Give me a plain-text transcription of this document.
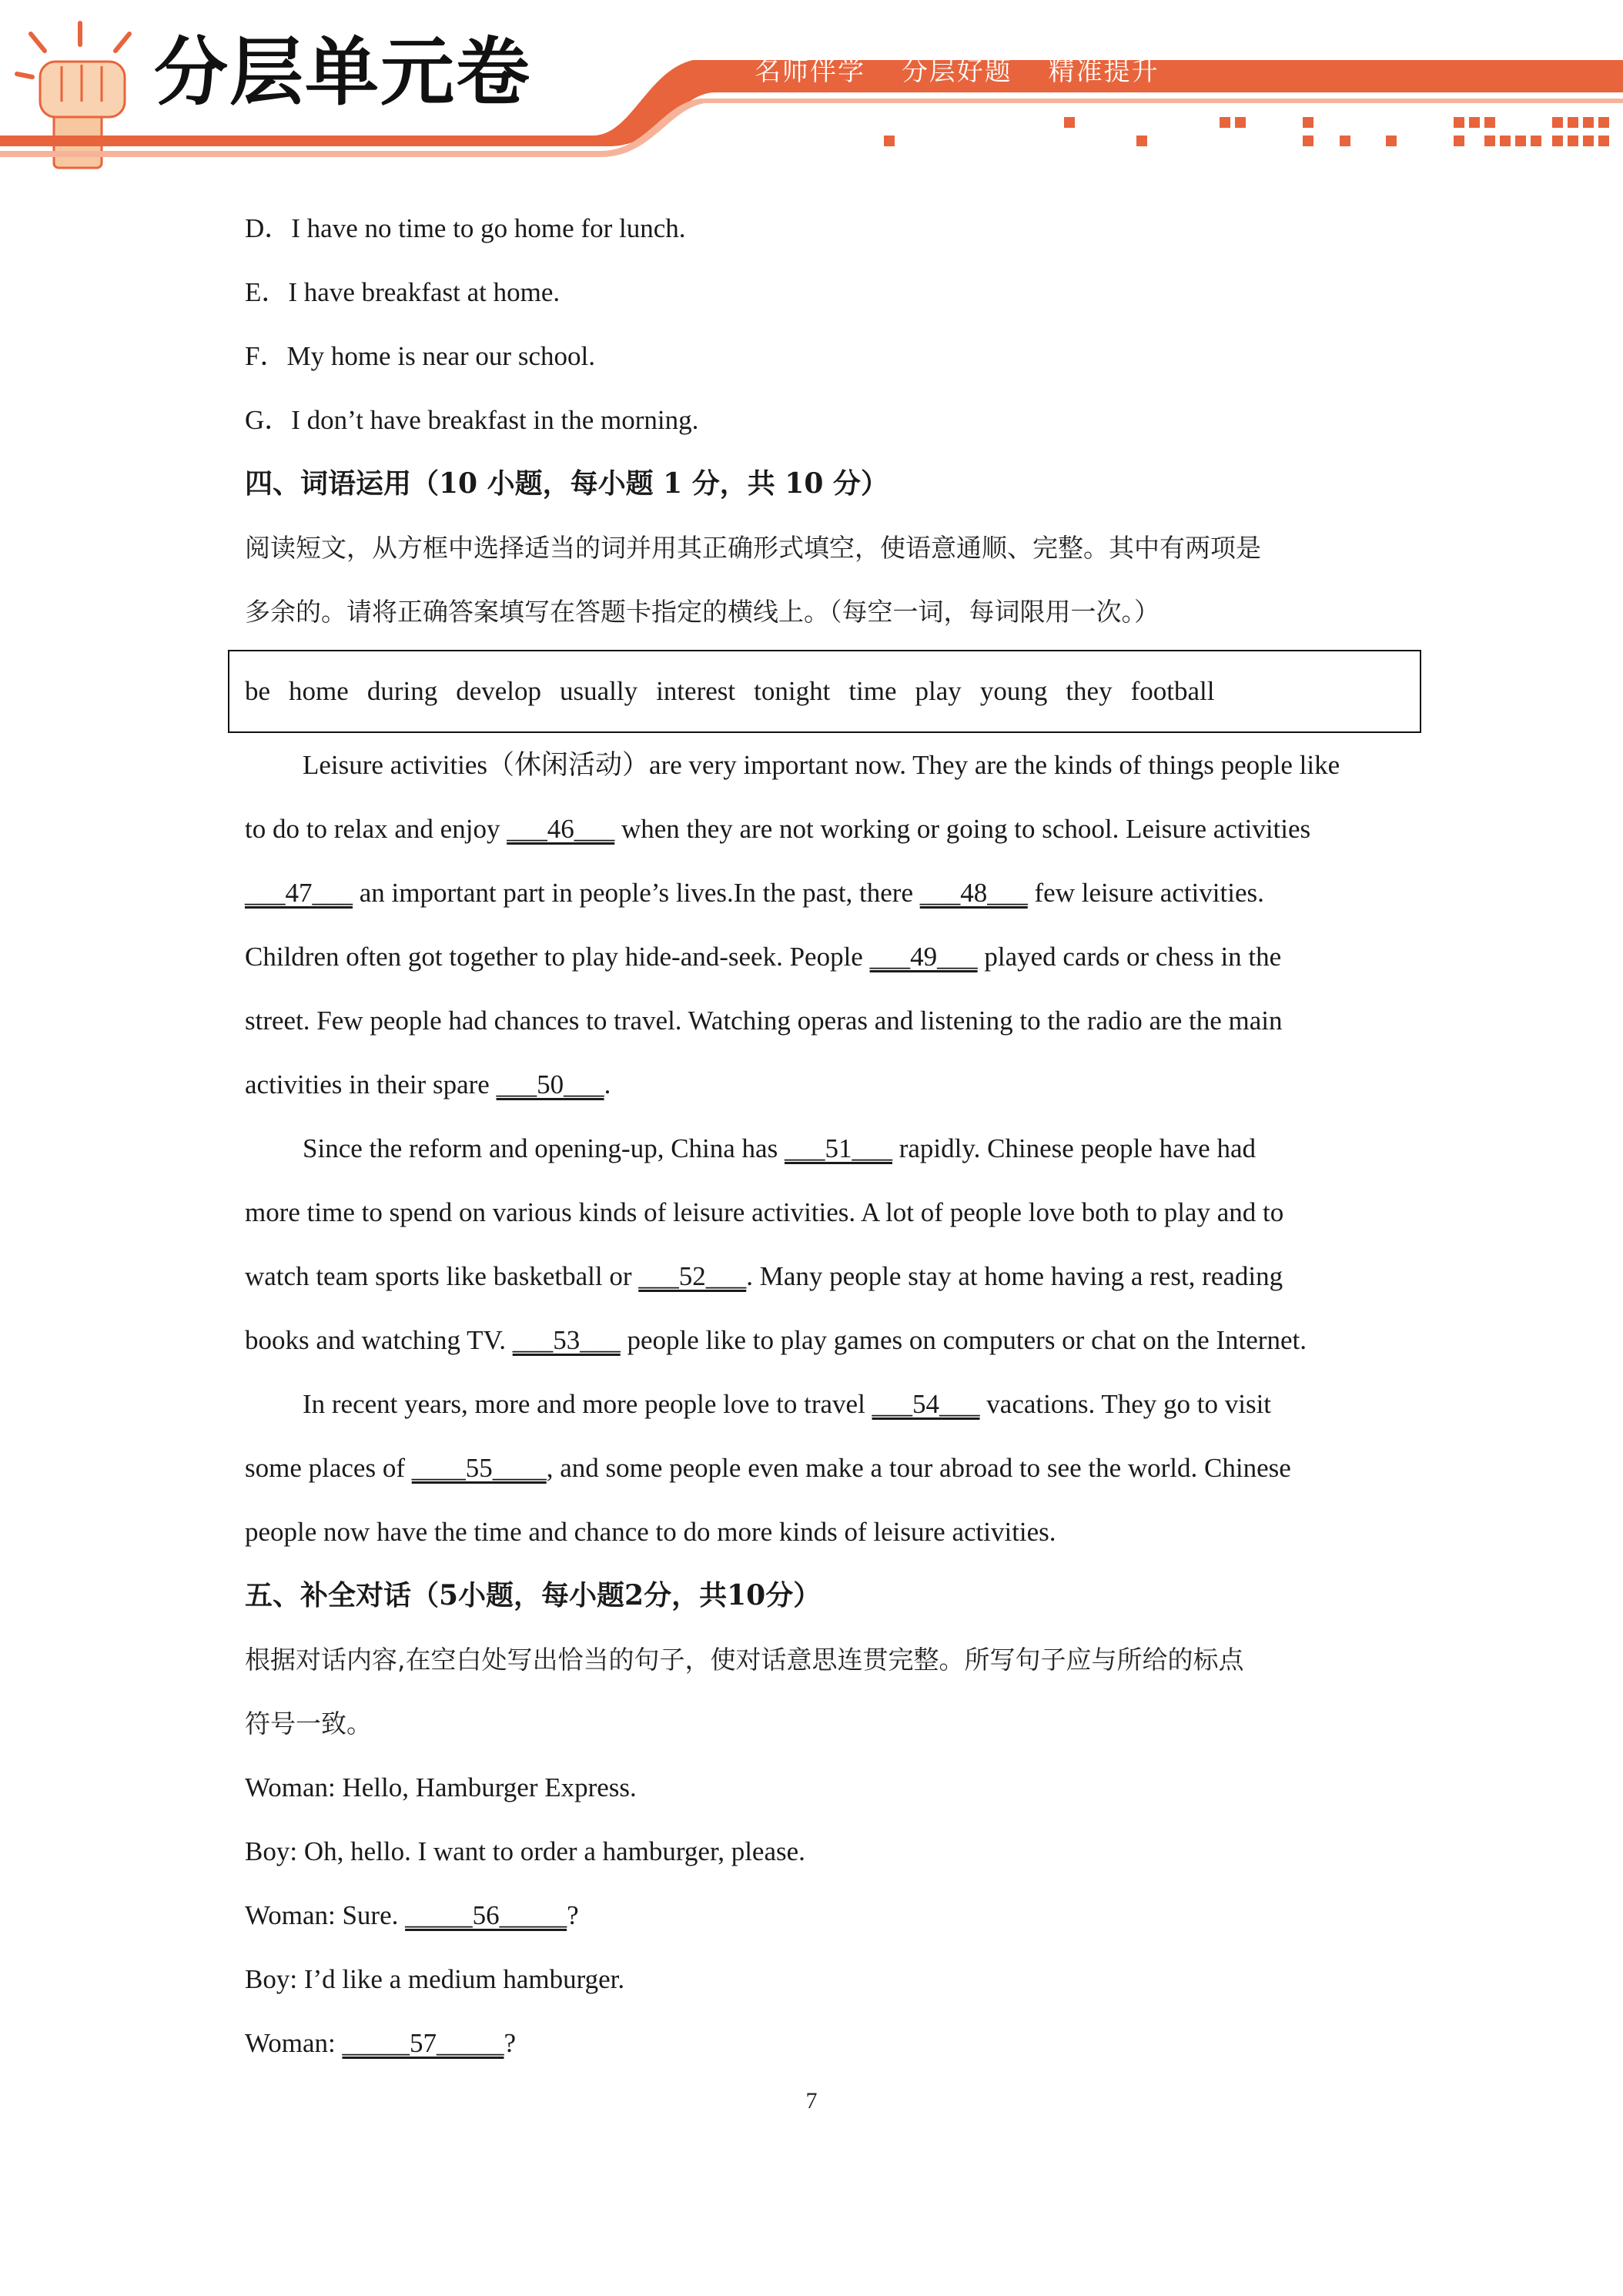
分层单元卷	名师伴学 分层好题 精准提升
D．I have no time to go home for lunch.
E．I have breakfast at home.
F．My home is near our school.
G．I don’t have breakfast in the morning.
四、词语运用（10 小题，每小题 1 分，共 10 分）
阅读短文，从方框中选择适当的词并用其正确形式填空，使语意通顺、完整。其中有两项是
多余的。请将正确答案填写在答题卡指定的横线上。（每空一词，每词限用一次。）
be home during develop usually interest tonight time play young they football
Leisure activities（休闲活动）are very important now. They are the kinds of things people like
to do to relax and enjoy ___46___ when they are not working or going to school. Leisure activities
___47___ an important part in people’s lives.In the past, there ___48___ few leisure activities.
Children often got together to play hide-and-seek. People ___49___ played cards or chess in the
street. Few people had chances to travel. Watching operas and listening to the radio are the main
activities in their spare ___50___.
Since the reform and opening-up, China has ___51___ rapidly. Chinese people have had
more time to spend on various kinds of leisure activities. A lot of people love both to play and to
watch team sports like basketball or ___52___. Many people stay at home having a rest, reading
books and watching TV. ___53___ people like to play games on computers or chat on the Internet.
In recent years, more and more people love to travel ___54___ vacations. They go to visit
some places of ____55____, and some people even make a tour abroad to see the world. Chinese
people now have the time and chance to do more kinds of leisure activities.
五、补全对话（5小题，每小题2分，共10分）
根据对话内容,在空白处写出恰当的句子，使对话意思连贯完整。所写句子应与所给的标点
符号一致。
Woman: Hello, Hamburger Express.
Boy: Oh, hello. I want to order a hamburger, please.
Woman: Sure. _____56_____?
Boy: I’d like a medium hamburger.
Woman: _____57_____?
7
